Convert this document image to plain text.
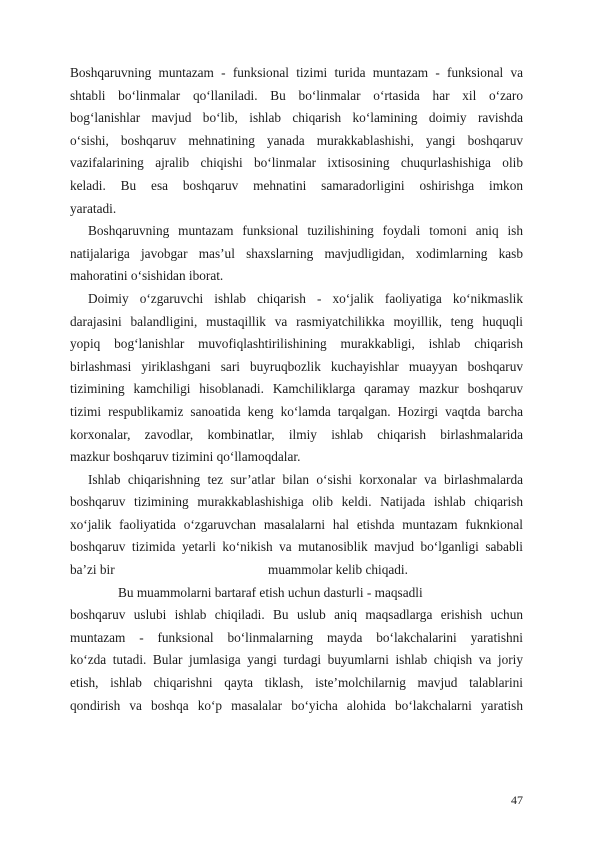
Boshqaruvning muntazam - funksional tizimi turida muntazam - funksional va
shtabli bo‘linmalar qo‘llaniladi. Bu bo‘linmalar o‘rtasida har xil o‘zaro
bog‘lanishlar mavjud bo‘lib, ishlab chiqarish ko‘lamining doimiy ravishda
o‘sishi, boshqaruv mehnatining yanada murakkablashishi, yangi boshqaruv
vazifalarining ajralib chiqishi bo‘linmalar ixtisosining chuqurlashishiga olib
keladi. Bu esa boshqaruv mehnatini samaradorligini oshirishga imkon
yaratadi.
Boshqaruvning muntazam funksional tuzilishining foydali tomoni aniq ish
natijalariga javobgar mas’ul shaxslarning mavjudligidan, xodimlarning kasb
mahoratini o‘sishidan iborat.
Doimiy o‘zgaruvchi ishlab chiqarish - xo‘jalik faoliyatiga ko‘nikmaslik
darajasini balandligini, mustaqillik va rasmiyatchilikka moyillik, teng huquqli
yopiq bog‘lanishlar muvofiqlashtirilishining murakkabligi, ishlab chiqarish
birlashmasi yiriklashgani sari buyruqbozlik kuchayishlar muayyan boshqaruv
tizimining kamchiligi hisoblanadi. Kamchiliklarga qaramay mazkur boshqaruv
tizimi respublikamiz sanoatida keng ko‘lamda tarqalgan. Hozirgi vaqtda barcha
korxonalar, zavodlar, kombinatlar, ilmiy ishlab chiqarish birlashmalarida
mazkur boshqaruv tizimini qo‘llamoqdalar.
Ishlab chiqarishning tez sur’atlar bilan o‘sishi korxonalar va birlashmalarda
boshqaruv tizimining murakkablashishiga olib keldi. Natijada ishlab chiqarish
xo‘jalik faoliyatida o‘zgaruvchan masalalarni hal etishda muntazam fuknkional
boshqaruv tizimida yetarli ko‘nikish va mutanosiblik mavjud bo‘lganligi sababli
ba’zi bir	muammolar kelib chiqadi.
Bu muammolarni bartaraf etish uchun dasturli - maqsadli
boshqaruv uslubi ishlab chiqiladi. Bu uslub aniq maqsadlarga erishish uchun
muntazam - funksional bo‘linmalarning mayda bo‘lakchalarini yaratishni
ko‘zda tutadi. Bular jumlasiga yangi turdagi buyumlarni ishlab chiqish va joriy
etish, ishlab chiqarishni qayta tiklash, iste’molchilarnig mavjud talablarini
qondirish va boshqa ko‘p masalalar bo‘yicha alohida bo‘lakchalarni yaratish
47
